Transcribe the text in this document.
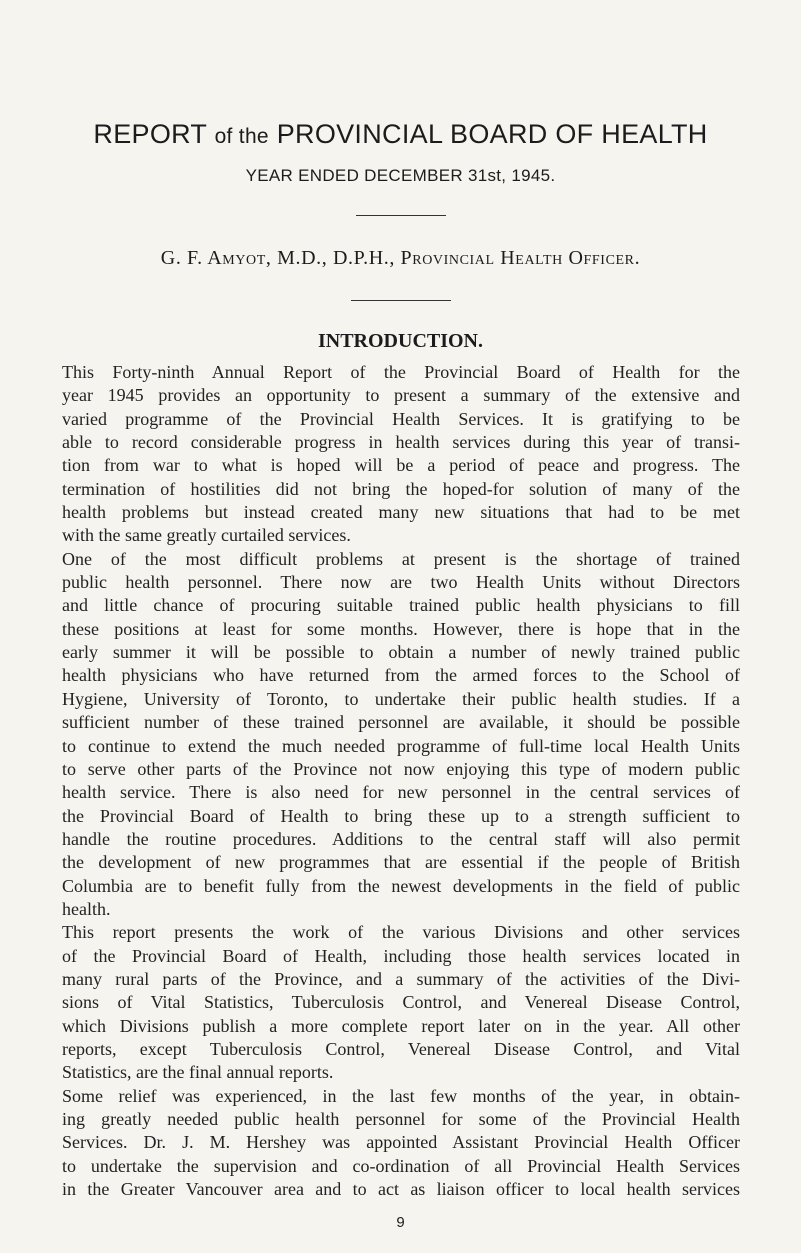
REPORT of the PROVINCIAL BOARD OF HEALTH
YEAR ENDED DECEMBER 31st, 1945.
G. F. Amyot, M.D., D.P.H., Provincial Health Officer.
INTRODUCTION.
This Forty-ninth Annual Report of the Provincial Board of Health for the
year 1945 provides an opportunity to present a summary of the extensive and
varied programme of the Provincial Health Services. It is gratifying to be
able to record considerable progress in health services during this year of transi-
tion from war to what is hoped will be a period of peace and progress. The
termination of hostilities did not bring the hoped-for solution of many of the
health problems but instead created many new situations that had to be met
with the same greatly curtailed services.
One of the most difficult problems at present is the shortage of trained
public health personnel. There now are two Health Units without Directors
and little chance of procuring suitable trained public health physicians to fill
these positions at least for some months. However, there is hope that in the
early summer it will be possible to obtain a number of newly trained public
health physicians who have returned from the armed forces to the School of
Hygiene, University of Toronto, to undertake their public health studies. If a
sufficient number of these trained personnel are available, it should be possible
to continue to extend the much needed programme of full-time local Health Units
to serve other parts of the Province not now enjoying this type of modern public
health service. There is also need for new personnel in the central services of
the Provincial Board of Health to bring these up to a strength sufficient to
handle the routine procedures. Additions to the central staff will also permit
the development of new programmes that are essential if the people of British
Columbia are to benefit fully from the newest developments in the field of public
health.
This report presents the work of the various Divisions and other services
of the Provincial Board of Health, including those health services located in
many rural parts of the Province, and a summary of the activities of the Divi-
sions of Vital Statistics, Tuberculosis Control, and Venereal Disease Control,
which Divisions publish a more complete report later on in the year. All other
reports, except Tuberculosis Control, Venereal Disease Control, and Vital
Statistics, are the final annual reports.
Some relief was experienced, in the last few months of the year, in obtain-
ing greatly needed public health personnel for some of the Provincial Health
Services. Dr. J. M. Hershey was appointed Assistant Provincial Health Officer
to undertake the supervision and co-ordination of all Provincial Health Services
in the Greater Vancouver area and to act as liaison officer to local health services
9
